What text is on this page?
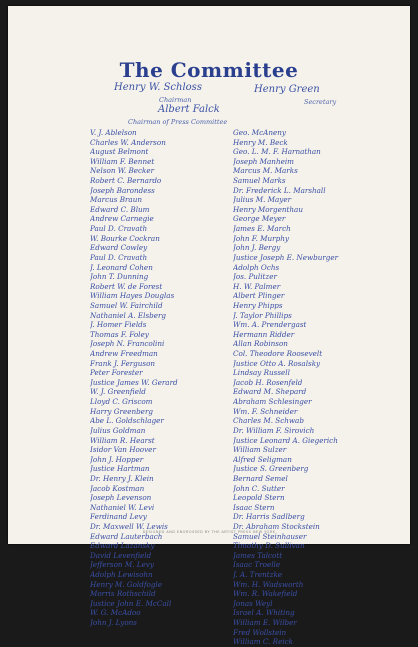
The Committee
Henry W. Schloss
Chairman
Henry Green
Secretary
Albert Falck
Chairman of Press Committee
V. J. Ablelson
Charles W. Anderson
August Belmont
William F. Bennet
Nelson W. Becker
Robert C. Bernardo
Joseph Barondess
Marcus Braun
Edward C. Blum
Andrew Carnegie
Paul D. Cravath
W. Bourke Cockran
Edward Cowley
Paul D. Cravath
J. Leonard Cohen
John T. Dunning
Robert W. de Forest
William Hayes Douglas
Samuel W. Fairchild
Nathaniel A. Elsberg
J. Homer Fields
Thomas F. Foley
Joseph N. Francolini
Andrew Freedman
Frank J. Ferguson
Peter Forester
Justice James W. Gerard
W. J. Greenfield
Lloyd C. Griscom
Harry Greenberg
Abe L. Goldschlager
Julius Goldman
William R. Hearst
Isidor Van Hoover
John J. Hopper
Justice Hartman
Dr. Henry J. Klein
Jacob Kostman
Joseph Levenson
Nathaniel W. Levi
Ferdinand Levy
Dr. Maxwell W. Lewis
Edward Lauterbach
Edward Lazansky
David Levenfield
Jefferson M. Levy
Adolph Lewisohn
Henry M. Goldfogle
Morris Rothschild
Justice John E. McCall
W. G. McAdoo
John J. Lyons
Geo. McAneny
Henry M. Beck
Geo. L. M. F. Harnathan
Joseph Manheim
Marcus M. Marks
Samuel Marks
Dr. Frederick L. Marshall
Julius M. Mayer
Henry Morgenthau
George Meyer
James E. March
John F. Murphy
John J. Bergy
Justice Joseph E. Newburger
Adolph Ochs
Jos. Pulitzer
H. W. Palmer
Albert Plinger
Henry Phipps
J. Taylor Phillips
Wm. A. Prendergast
Hermann Ridder
Allan Robinson
Col. Theodore Roosevelt
Justice Otto A. Rosalsky
Lindsay Russell
Jacob H. Rosenfeld
Edward M. Shepard
Abraham Schlesinger
Wm. F. Schneider
Charles M. Schwab
Dr. William F. Sirovich
Justice Leonard A. Giegerich
William Sulzer
Alfred Seligman
Justice S. Greenberg
Bernard Semel
John C. Sutter
Leopold Stern
Isaac Stern
Dr. Harris Sadlberg
Dr. Abraham Stockstein
Samuel Steinhauser
Timothy D. Sullivan
James Talcott
Isaac Troelle
J. A. Trentzke
Wm. H. Wadsworth
Wm. R. Wakefield
Jonas Weyl
Israel A. Whiting
William E. Wilber
Fred Wollstein
William C. Reick
DESIGNED AND ENGROSSED BY THE ARTIST PRESS NEW YORK
